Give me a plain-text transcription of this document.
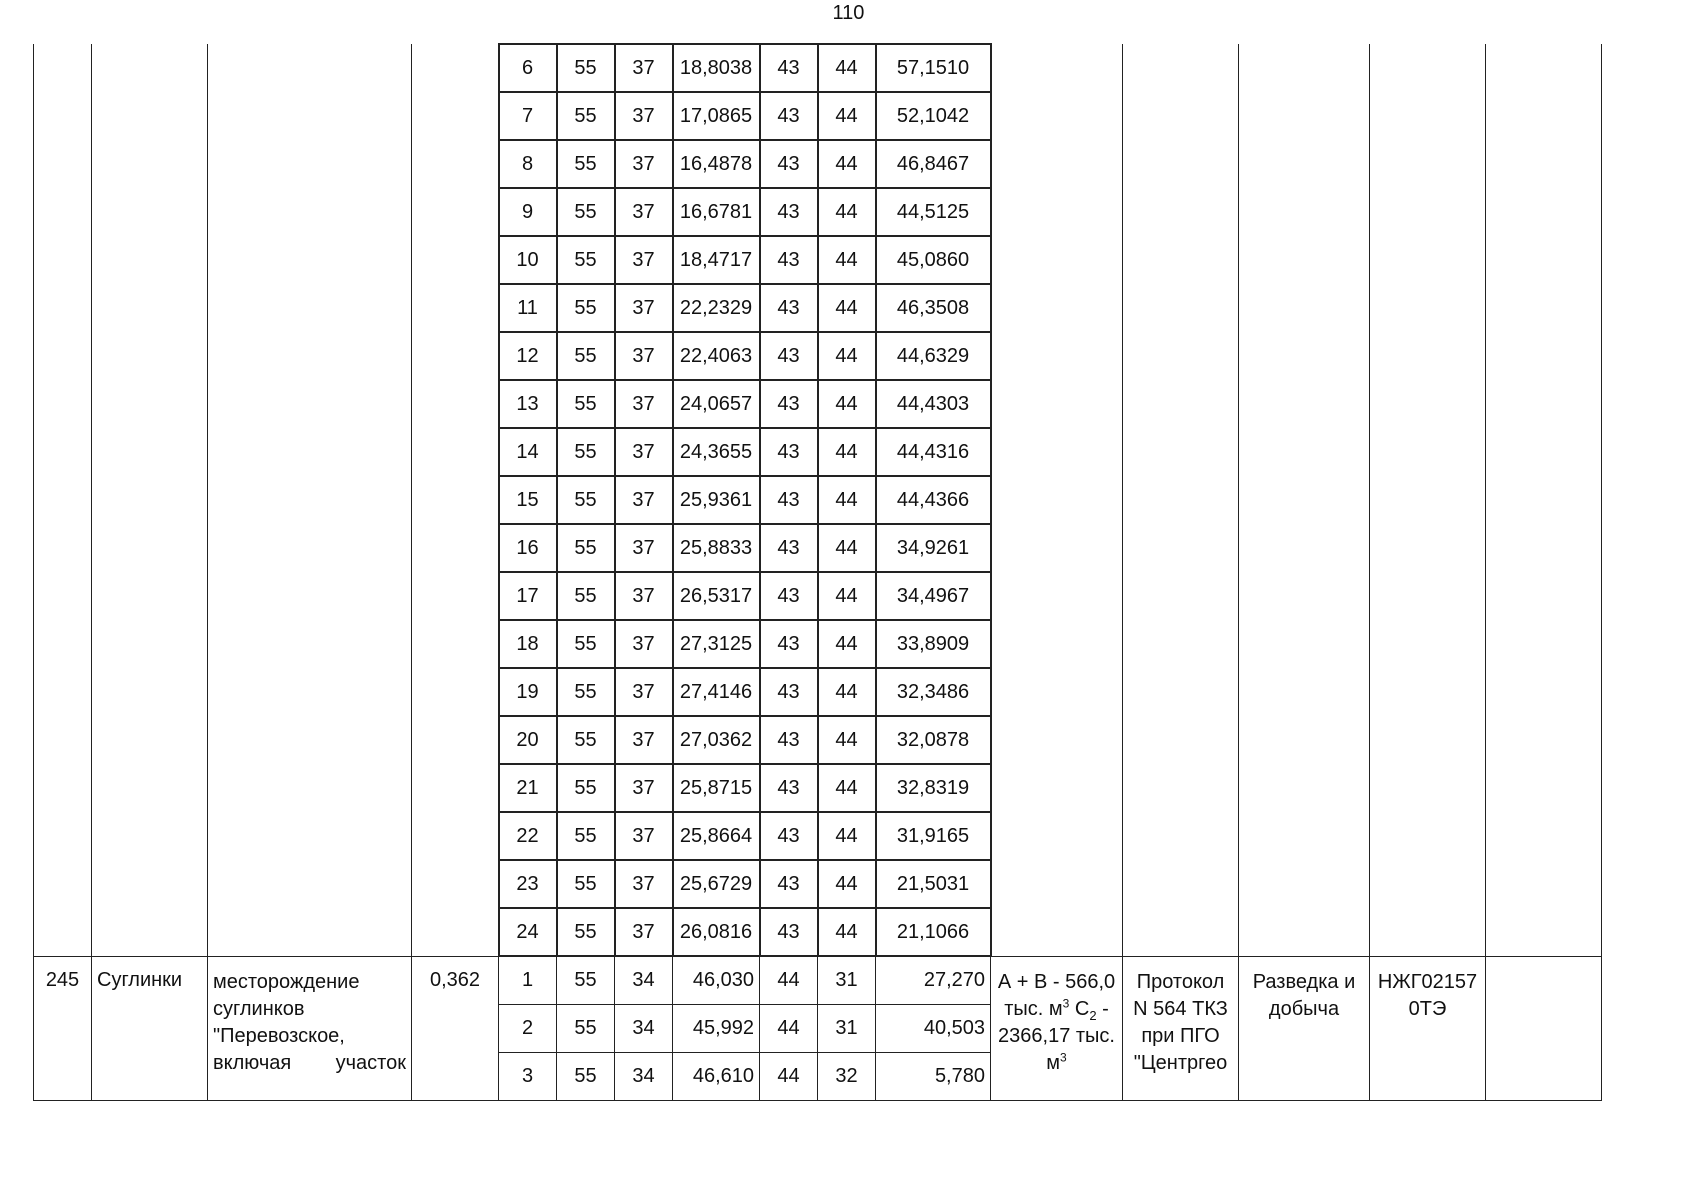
110
				6	55	37	18,8038	43	44	57,1510					
				7	55	37	17,0865	43	44	52,1042					
				8	55	37	16,4878	43	44	46,8467					
				9	55	37	16,6781	43	44	44,5125					
				10	55	37	18,4717	43	44	45,0860					
				11	55	37	22,2329	43	44	46,3508					
				12	55	37	22,4063	43	44	44,6329					
				13	55	37	24,0657	43	44	44,4303					
				14	55	37	24,3655	43	44	44,4316					
				15	55	37	25,9361	43	44	44,4366					
				16	55	37	25,8833	43	44	34,9261					
				17	55	37	26,5317	43	44	34,4967					
				18	55	37	27,3125	43	44	33,8909					
				19	55	37	27,4146	43	44	32,3486					
				20	55	37	27,0362	43	44	32,0878					
				21	55	37	25,8715	43	44	32,8319					
				22	55	37	25,8664	43	44	31,9165					
				23	55	37	25,6729	43	44	21,5031					
				24	55	37	26,0816	43	44	21,1066					
245	Суглинки	месторождение
суглинков
"Перевозское,
включая участок	0,362	1	55	34	46,030	44	31	27,270	А + В - 566,0 тыс. $м^3$ $С_2 - 2366,17$ тыс. $м^3$	Протокол N 564 ТКЗ при ПГО "Центргео	Разведка и добыча	НЖГ02157 0ТЭ	
				2	55	34	45,992	44	31	40,503					
				3	55	34	46,610	44	32	5,780					
